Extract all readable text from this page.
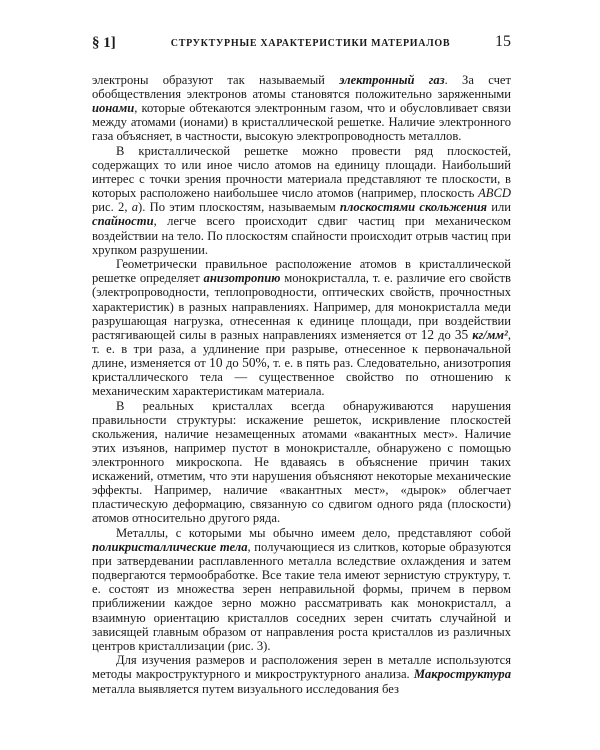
§ 1]	СТРУКТУРНЫЕ ХАРАКТЕРИСТИКИ МАТЕРИАЛОВ	15

электроны образуют так называемый электронный газ. За счет обобществления электронов атомы становятся положительно заряженными ионами, которые обтекаются электронным газом, что и обусловливает связи между атомами (ионами) в кристаллической решетке. Наличие электронного газа объясняет, в частности, высокую электропроводность металлов.

В кристаллической решетке можно провести ряд плоскостей, содержащих то или иное число атомов на единицу площади. Наибольший интерес с точки зрения прочности материала представляют те плоскости, в которых расположено наибольшее число атомов (например, плоскость ABCD рис. 2, а). По этим плоскостям, называемым плоскостями скольжения или спайности, легче всего происходит сдвиг частиц при механическом воздействии на тело. По плоскостям спайности происходит отрыв частиц при хрупком разрушении.

Геометрически правильное расположение атомов в кристаллической решетке определяет анизотропию монокристалла, т. е. различие его свойств (электропроводности, теплопроводности, оптических свойств, прочностных характеристик) в разных направлениях. Например, для монокристалла меди разрушающая нагрузка, отнесенная к единице площади, при воздействии растягивающей силы в разных направлениях изменяется от 12 до 35 кг/мм², т. е. в три раза, а удлинение при разрыве, отнесенное к первоначальной длине, изменяется от 10 до 50%, т. е. в пять раз. Следовательно, анизотропия кристаллического тела — существенное свойство по отношению к механическим характеристикам материала.

В реальных кристаллах всегда обнаруживаются нарушения правильности структуры: искажение решеток, искривление плоскостей скольжения, наличие незамещенных атомами «вакантных мест». Наличие этих изъянов, например пустот в монокристалле, обнаружено с помощью электронного микроскопа. Не вдаваясь в объяснение причин таких искажений, отметим, что эти нарушения объясняют некоторые механические эффекты. Например, наличие «вакантных мест», «дырок» облегчает пластическую деформацию, связанную со сдвигом одного ряда (плоскости) атомов относительно другого ряда.

Металлы, с которыми мы обычно имеем дело, представляют собой поликристаллические тела, получающиеся из слитков, которые образуются при затвердевании расплавленного металла вследствие охлаждения и затем подвергаются термообработке. Все такие тела имеют зернистую структуру, т. е. состоят из множества зерен неправильной формы, причем в первом приближении каждое зерно можно рассматривать как монокристалл, а взаимную ориентацию кристаллов соседних зерен считать случайной и зависящей главным образом от направления роста кристаллов из различных центров кристаллизации (рис. 3).

Для изучения размеров и расположения зерен в металле используются методы макроструктурного и микроструктурного анализа. Макроструктура металла выявляется путем визуального исследования без
